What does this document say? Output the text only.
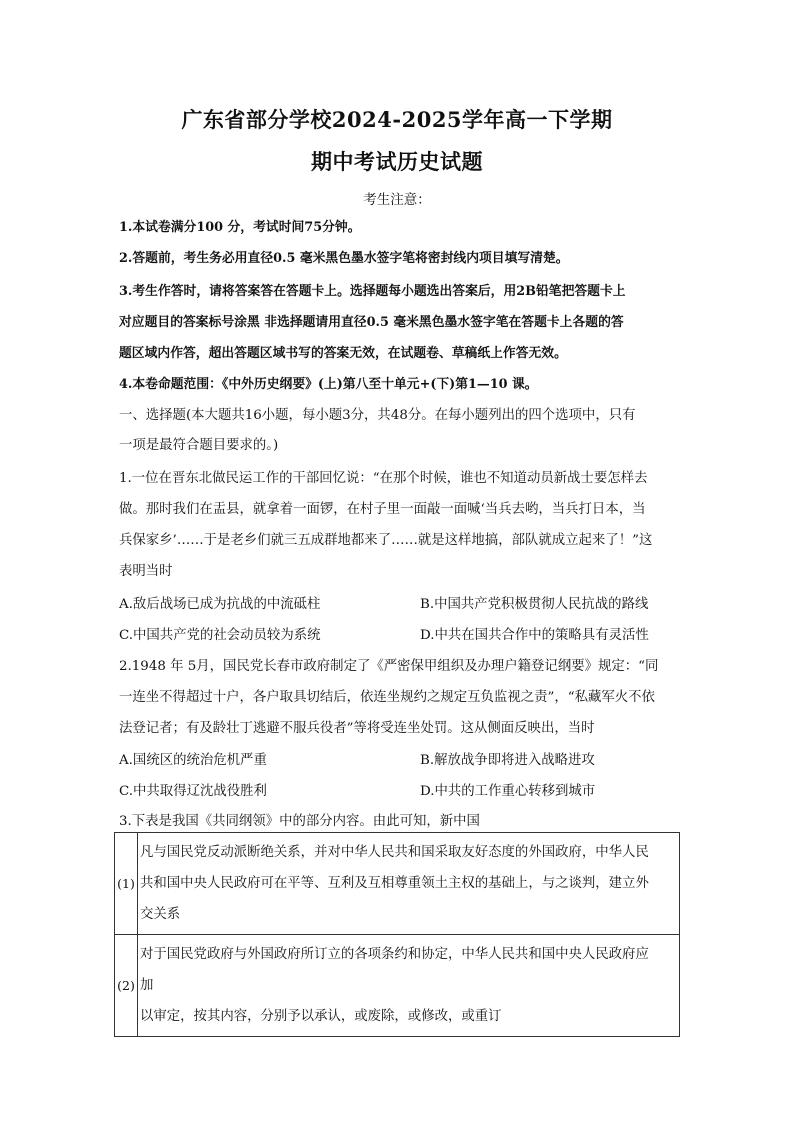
广东省部分学校2024-2025学年高一下学期
期中考试历史试题
考生注意：
1.本试卷满分100 分，考试时间75分钟。
2.答题前，考生务必用直径0.5 毫米黑色墨水签字笔将密封线内项目填写清楚。
3.考生作答时，请将答案答在答题卡上。选择题每小题选出答案后，用2B铅笔把答题卡上
对应题目的答案标号涂黑 非选择题请用直径0.5 毫米黑色墨水签字笔在答题卡上各题的答
题区域内作答，超出答题区域书写的答案无效，在试题卷、草稿纸上作答无效。
4.本卷命题范围：《中外历史纲要》(上)第八至十单元+(下)第1—10 课。
一、选择题(本大题共16小题，每小题3分，共48分。在每小题列出的四个选项中，只有
一项是最符合题目要求的。)
1.一位在晋东北做民运工作的干部回忆说：“在那个时候，谁也不知道动员新战士要怎样去
做。那时我们在盂县，就拿着一面锣，在村子里一面敲一面喊‘当兵去哟，当兵打日本，当
兵保家乡’……于是老乡们就三五成群地都来了……就是这样地搞，部队就成立起来了！”这
表明当时
A.敌后战场已成为抗战的中流砥柱	B.中国共产党积极贯彻人民抗战的路线
C.中国共产党的社会动员较为系统	D.中共在国共合作中的策略具有灵活性
2.1948 年 5月，国民党长春市政府制定了《严密保甲组织及办理户籍登记纲要》规定：“同
一连坐不得超过十户，各户取具切结后，依连坐规约之规定互负监视之责”，“私藏军火不依
法登记者；有及龄壮丁逃避不服兵役者”等将受连坐处罚。这从侧面反映出，当时
A.国统区的统治危机严重	B.解放战争即将进入战略进攻
C.中共取得辽沈战役胜利	D.中共的工作重心转移到城市
3.下表是我国《共同纲领》中的部分内容。由此可知，新中国
(1)	凡与国民党反动派断绝关系，并对中华人民共和国采取友好态度的外国政府，中华人民
共和国中央人民政府可在平等、互利及互相尊重领土主权的基础上，与之谈判，建立外
交关系

(2)	对于国民党政府与外国政府所订立的各项条约和协定，中华人民共和国中央人民政府应
加
以审定，按其内容，分别予以承认，或废除，或修改，或重订
